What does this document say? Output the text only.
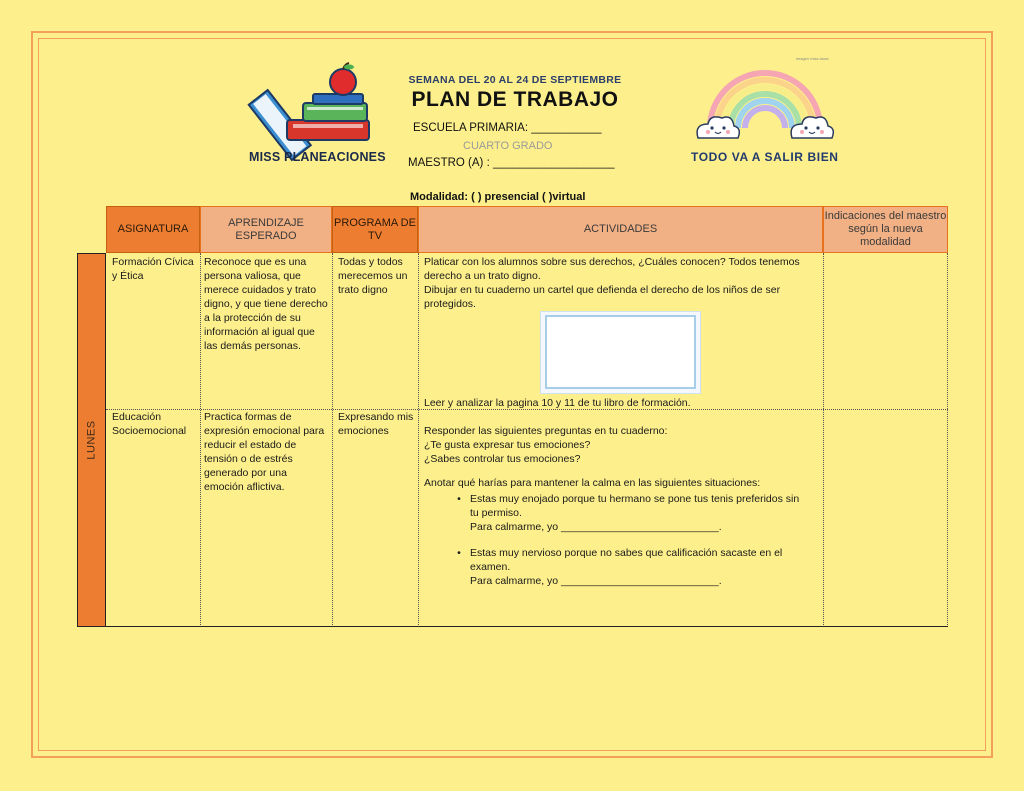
MISS PLANEACIONES
SEMANA DEL 20 AL 24 DE SEPTIEMBRE
PLAN DE TRABAJO
ESCUELA PRIMARIA: ___________
CUARTO GRADO
MAESTRO (A) : ___________________	TODO VA A SALIR BIEN
imagen miss laura
Modalidad: ( ) presencial ( )virtual
ASIGNATURA
APRENDIZAJE ESPERADO
PROGRAMA DE TV
ACTIVIDADES
Indicaciones del maestro según la nueva modalidad
LUNES
Formación Cívica y Ética
Reconoce que es una persona valiosa, que merece cuidados y trato digno, y que tiene derecho a la protección de su información al igual que las demás personas.
Todas y todos merecemos un trato digno

Platicar con los alumnos sobre sus derechos, ¿Cuáles conocen? Todos tenemos derecho a un trato digno.

Dibujar en tu cuaderno un cartel que defienda el derecho de los niños de ser protegidos.

Leer y analizar la pagina 10 y 11 de tu libro de formación.
Educación Socioemocional
Practica formas de expresión emocional para reducir el estado de tensión o de estrés generado por una emoción aflictiva.
Expresando mis emociones	Responder las siguientes preguntas en tu cuaderno:

¿Te gusta expresar tus emociones?

¿Sabes controlar tus emociones?

Anotar qué harías para mantener la calma en las siguientes situaciones:

• Estas muy enojado porque tu hermano se pone tus tenis preferidos sin tu permiso.

Para calmarme, yo ___________________________.

• Estas muy nervioso porque no sabes que calificación sacaste en el examen.

Para calmarme, yo ___________________________.
